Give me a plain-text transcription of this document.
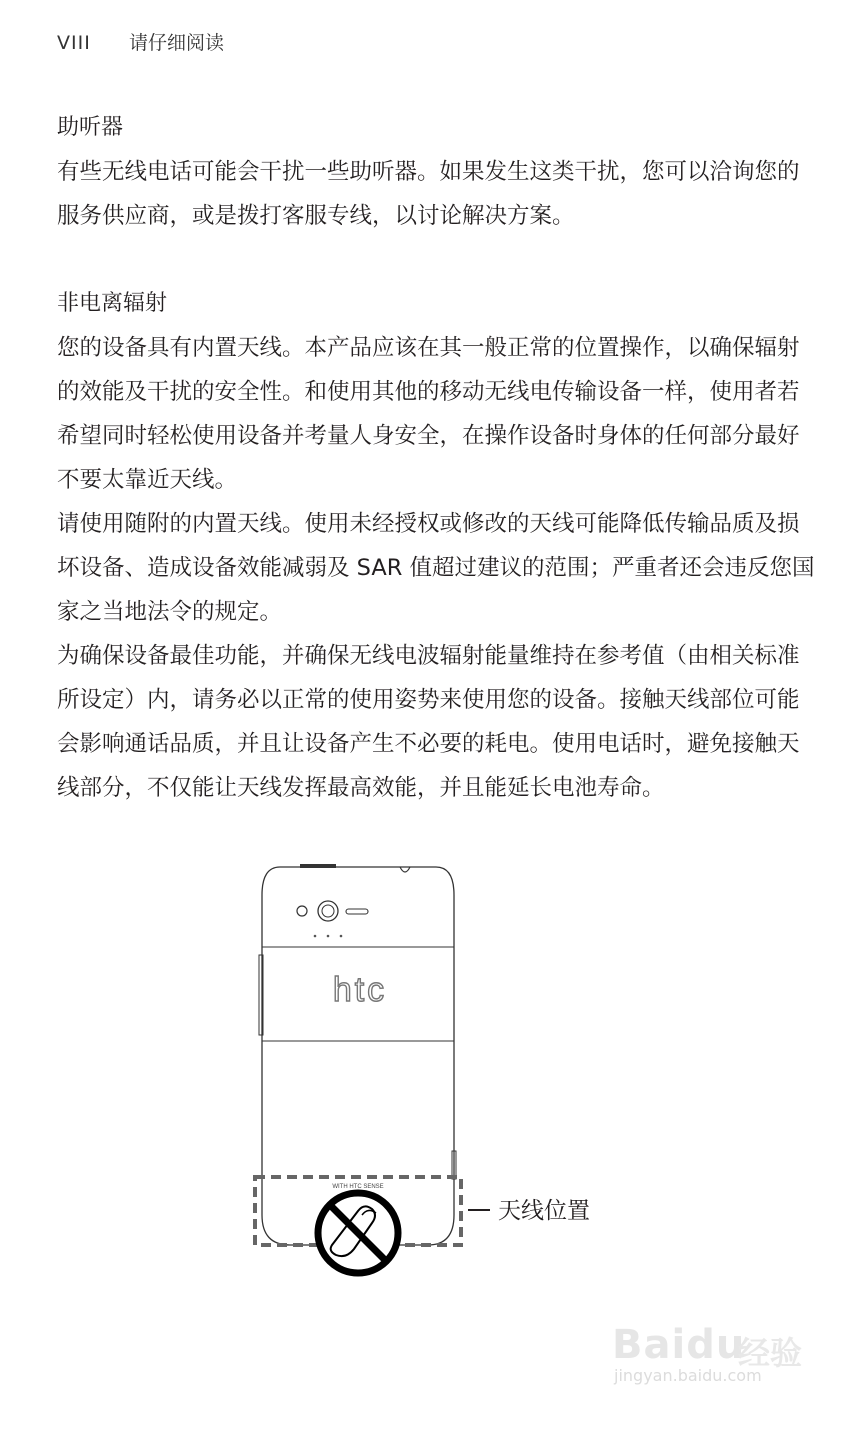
VIII 请仔细阅读
助听器

有些无线电话可能会干扰一些助听器。如果发生这类干扰，您可以洽询您的服务供应商，或是拨打客服专线，以讨论解决方案。

非电离辐射

您的设备具有内置天线。本产品应该在其一般正常的位置操作，以确保辐射的效能及干扰的安全性。和使用其他的移动无线电传输设备一样，使用者若希望同时轻松使用设备并考量人身安全，在操作设备时身体的任何部分最好不要太靠近天线。

请使用随附的内置天线。使用未经授权或修改的天线可能降低传输品质及损坏设备、造成设备效能减弱及 SAR 值超过建议的范围；严重者还会违反您国家之当地法令的规定。

为确保设备最佳功能，并确保无线电波辐射能量维持在参考值（由相关标准所设定）内，请务必以正常的使用姿势来使用您的设备。接触天线部位可能会影响通话品质，并且让设备产生不必要的耗电。使用电话时，避免接触天线部分，不仅能让天线发挥最高效能，并且能延长电池寿命。

htc
WITH HTC SENSE
天线位置
Baidu
经验
jingyan.baidu.com
